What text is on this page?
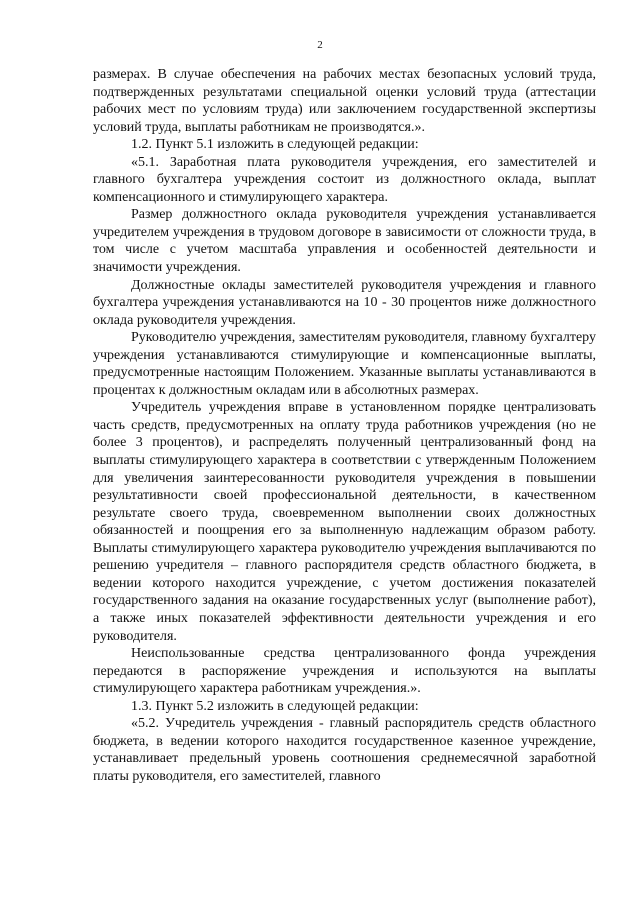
2

размерах. В случае обеспечения на рабочих местах безопасных условий труда, подтвержденных результатами специальной оценки условий труда (аттестации рабочих мест по условиям труда) или заключением государственной экспертизы условий труда, выплаты работникам не производятся.».

1.2. Пункт 5.1 изложить в следующей редакции:

«5.1. Заработная плата руководителя учреждения, его заместителей и главного бухгалтера учреждения состоит из должностного оклада, выплат компенсационного и стимулирующего характера.

Размер должностного оклада руководителя учреждения устанавливается учредителем учреждения в трудовом договоре в зависимости от сложности труда, в том числе с учетом масштаба управления и особенностей деятельности и значимости учреждения.

Должностные оклады заместителей руководителя учреждения и главного бухгалтера учреждения устанавливаются на 10 - 30 процентов ниже должностного оклада руководителя учреждения.

Руководителю учреждения, заместителям руководителя, главному бухгалтеру учреждения устанавливаются стимулирующие и компенсационные выплаты, предусмотренные настоящим Положением. Указанные выплаты устанавливаются в процентах к должностным окладам или в абсолютных размерах.

Учредитель учреждения вправе в установленном порядке централизовать часть средств, предусмотренных на оплату труда работников учреждения (но не более 3 процентов), и распределять полученный централизованный фонд на выплаты стимулирующего характера в соответствии с утвержденным Положением для увеличения заинтересованности руководителя учреждения в повышении результативности своей профессиональной деятельности, в качественном результате своего труда, своевременном выполнении своих должностных обязанностей и поощрения его за выполненную надлежащим образом работу. Выплаты стимулирующего характера руководителю учреждения выплачиваются по решению учредителя – главного распорядителя средств областного бюджета, в ведении которого находится учреждение, с учетом достижения показателей государственного задания на оказание государственных услуг (выполнение работ), а также иных показателей эффективности деятельности учреждения и его руководителя.

Неиспользованные средства централизованного фонда учреждения передаются в распоряжение учреждения и используются на выплаты стимулирующего характера работникам учреждения.».

1.3. Пункт 5.2 изложить в следующей редакции:

«5.2. Учредитель учреждения - главный распорядитель средств областного бюджета, в ведении которого находится государственное казенное учреждение, устанавливает предельный уровень соотношения среднемесячной заработной платы руководителя, его заместителей, главного
